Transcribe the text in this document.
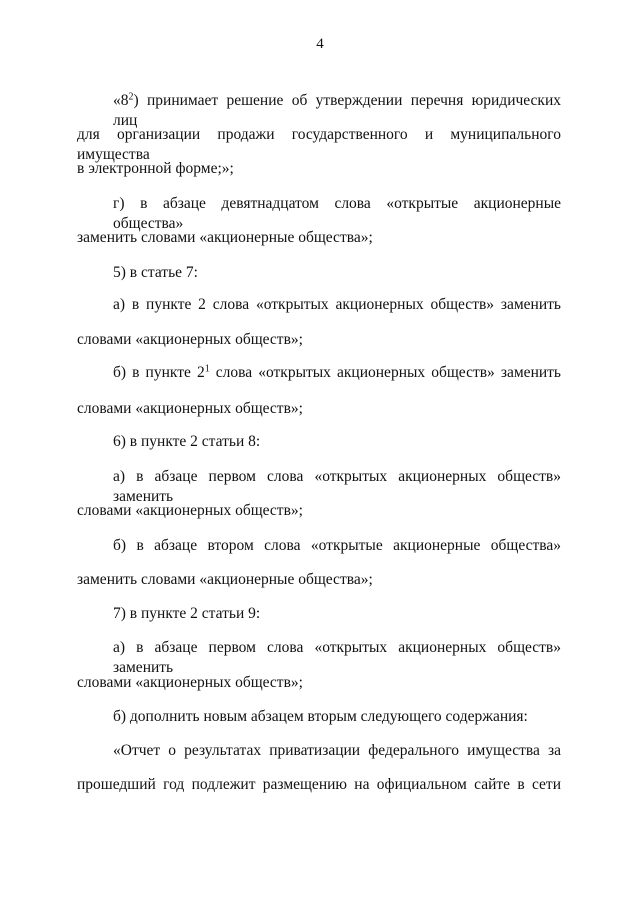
4
«$8^2$) принимает решение об утверждении перечня юридических лиц
для организации продажи государственного и муниципального имущества
в электронной форме;»;
г) в абзаце девятнадцатом слова «открытые акционерные общества»
заменить словами «акционерные общества»;
5) в статье 7:
а) в пункте 2 слова «открытых акционерных обществ» заменить
словами «акционерных обществ»;
б) в пункте $2^1$ слова «открытых акционерных обществ» заменить
словами «акционерных обществ»;
6) в пункте 2 статьи 8:
а) в абзаце первом слова «открытых акционерных обществ» заменить
словами «акционерных обществ»;
б) в абзаце втором слова «открытые акционерные общества»
заменить словами «акционерные общества»;
7) в пункте 2 статьи 9:
а) в абзаце первом слова «открытых акционерных обществ» заменить
словами «акционерных обществ»;
б) дополнить новым абзацем вторым следующего содержания:
«Отчет о результатах приватизации федерального имущества за
прошедший год подлежит размещению на официальном сайте в сети
